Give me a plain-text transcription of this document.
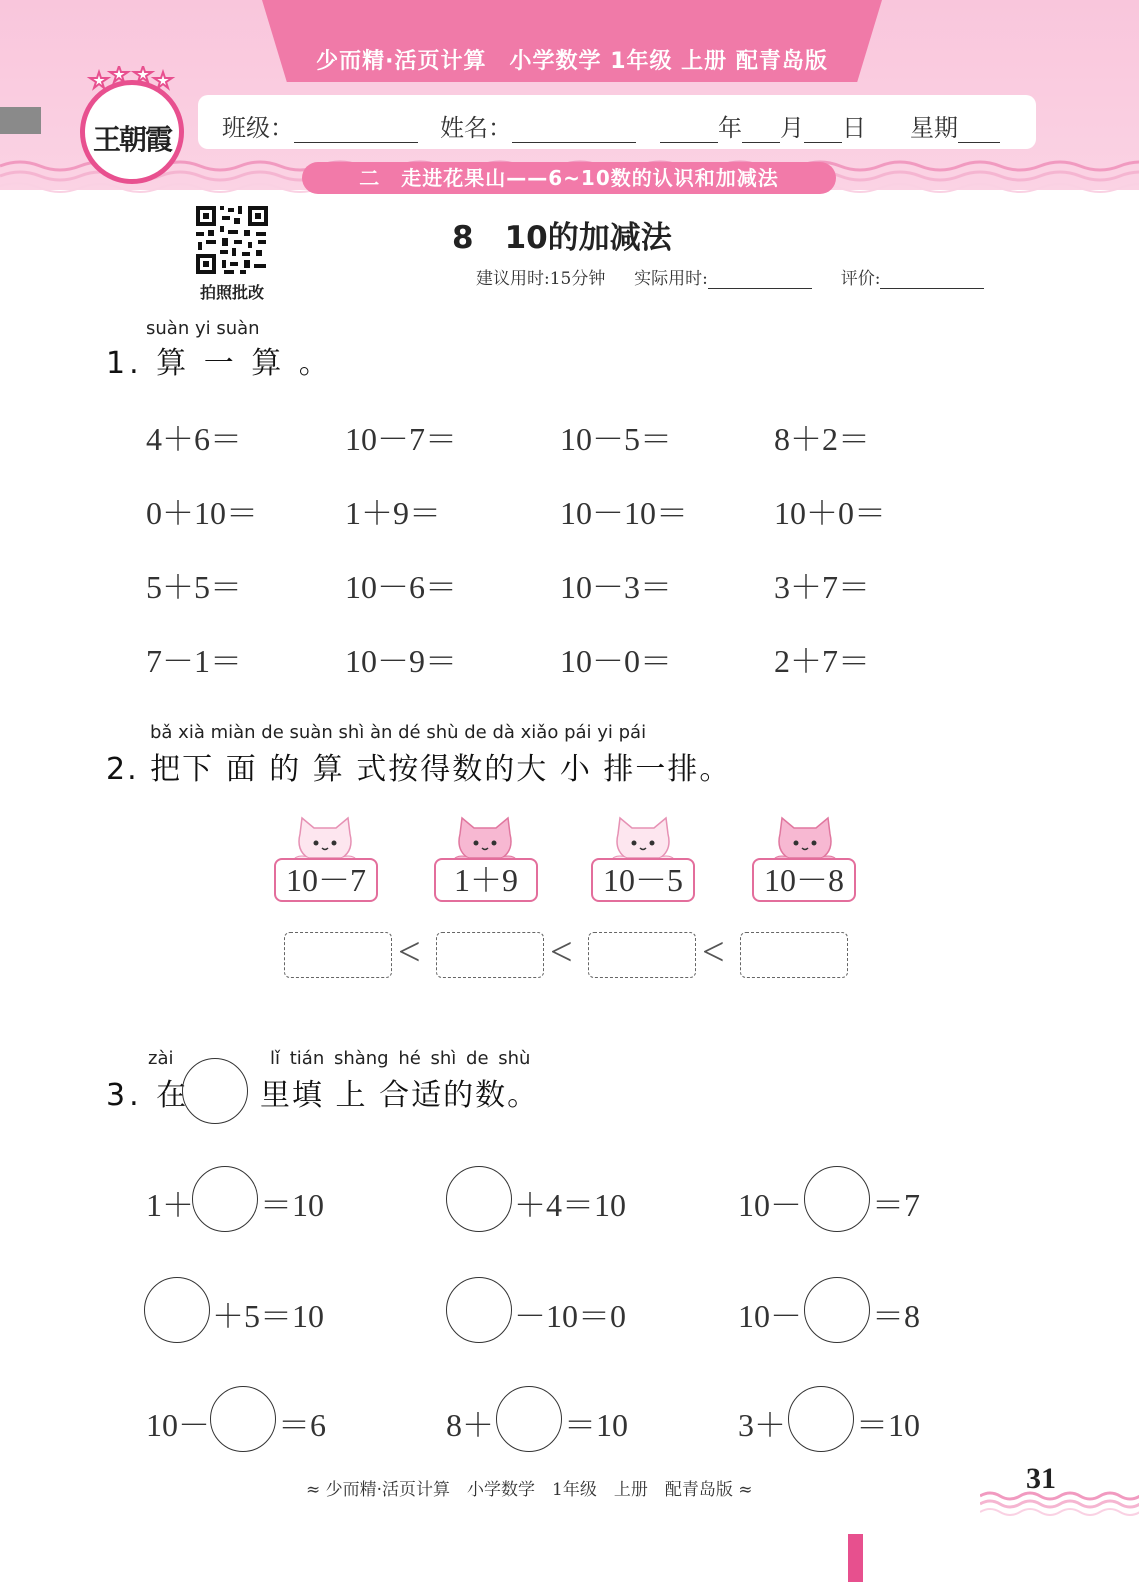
少而精·活页计算　小学数学 1年级 上册 配青岛版
班级：	姓名：	年 月 日 星期
王朝霞
二　走进花果山——6~10数的认识和加减法
拍照批改
8　10的加减法
建议用时:15分钟 实际用时:	评价:
suàn yi suàn
1. 算 一 算 。
4＋6＝	10－7＝	10－5＝	8＋2＝
0＋10＝	1＋9＝	10－10＝	10＋0＝
5＋5＝	10－6＝	10－3＝	3＋7＝
7－1＝	10－9＝	10－0＝	2＋7＝
bǎ xià miàn de suàn shì àn dé shù de dà xiǎo pái yi pái
2. 把下 面 的 算 式按得数的大 小 排一排。
10－7	1＋9	10－5	10－8
<	<	<
zài	lǐ tián shàng hé shì de shù
3. 在 里填 上 合适的数。
1＋ ＝10	＋4＝10	10－ ＝7
＋5＝10	－10＝0	10－ ＝8
10－ ＝6	8＋ ＝10	3＋ ＝10
≈ 少而精·活页计算　小学数学　1年级　上册　配青岛版 ≈	31
